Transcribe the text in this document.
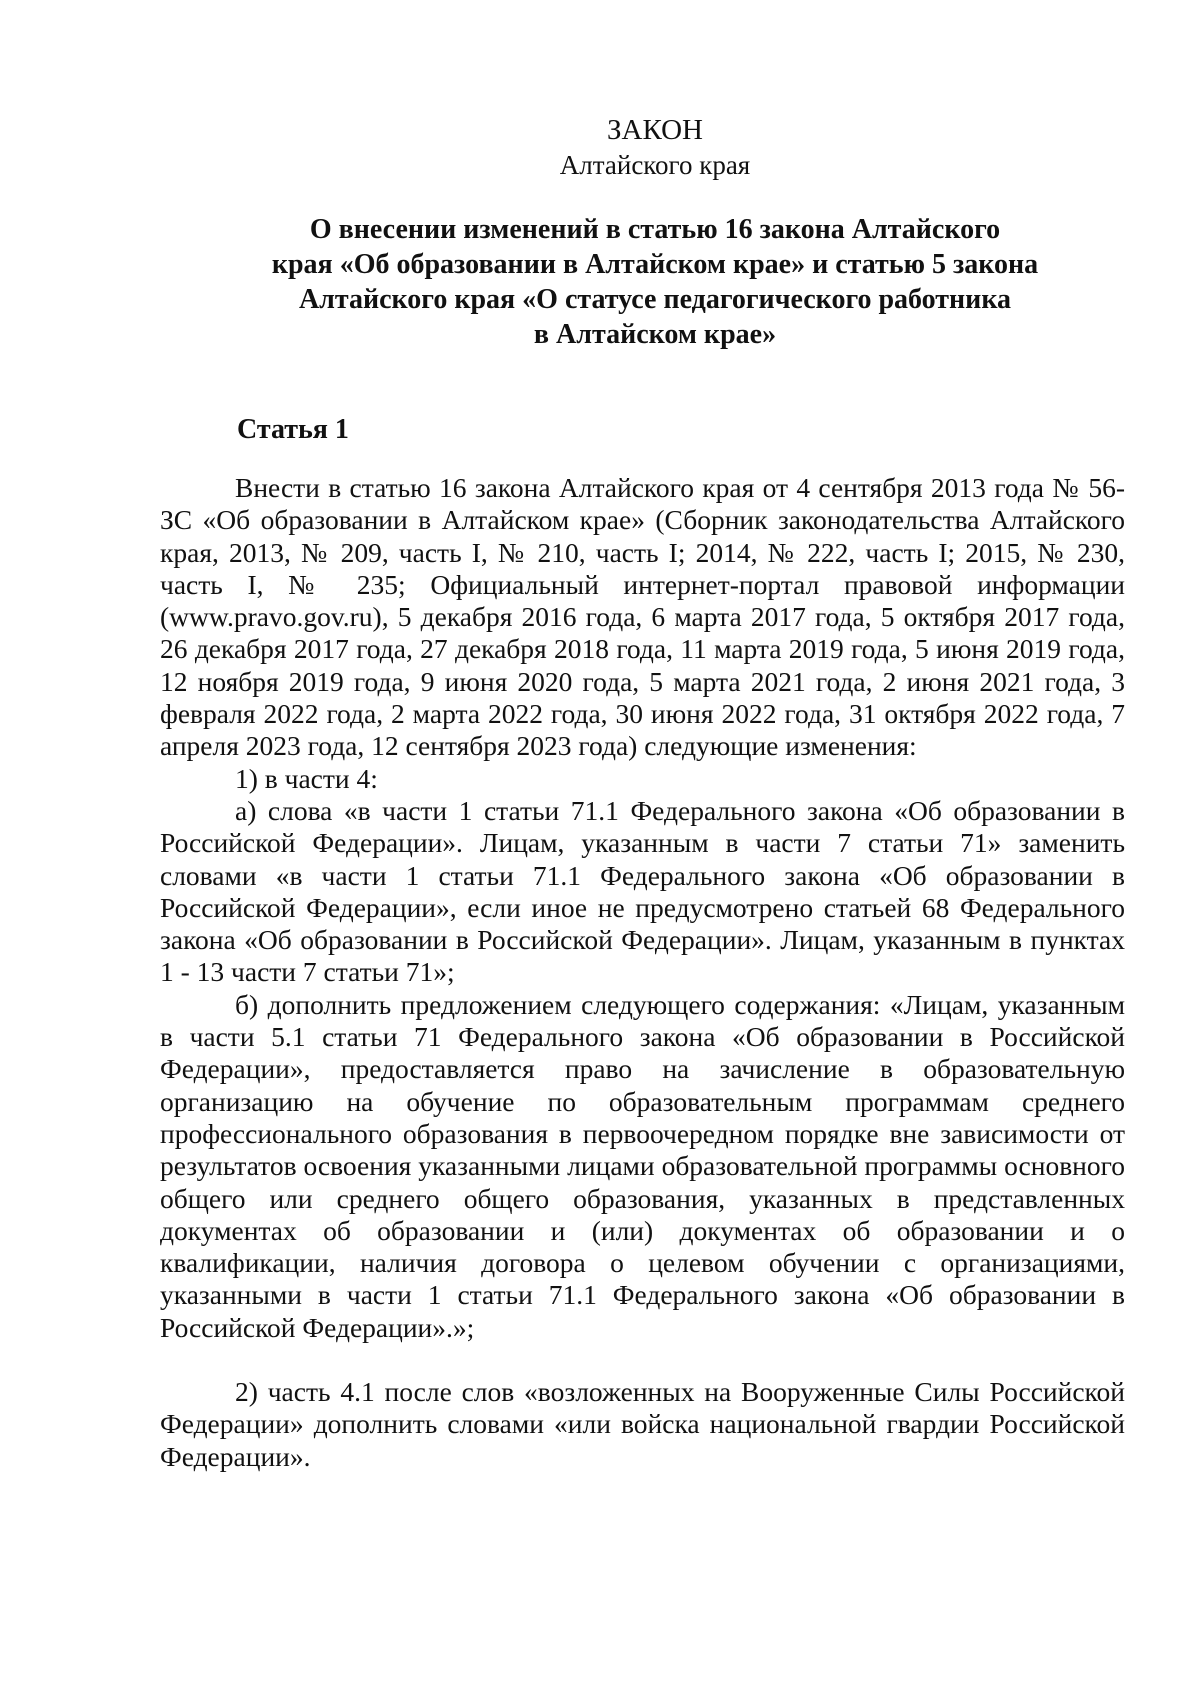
ЗАКОН
Алтайского края
О внесении изменений в статью 16 закона Алтайского
края «Об образовании в Алтайском крае» и статью 5 закона
Алтайского края «О статусе педагогического работника
в Алтайском крае»
Статья 1

Внести в статью 16 закона Алтайского края от 4 сентября 2013 года № 56-ЗС «Об образовании в Алтайском крае» (Сборник законодательства Алтайского края, 2013, № 209, часть I, № 210, часть I; 2014, № 222, часть I; 2015, № 230, часть I, № 235; Официальный интернет-портал правовой информации (www.pravo.gov.ru), 5 декабря 2016 года, 6 марта 2017 года, 5 октября 2017 года, 26 декабря 2017 года, 27 декабря 2018 года, 11 марта 2019 года, 5 июня 2019 года, 12 ноября 2019 года, 9 июня 2020 года, 5 марта 2021 года, 2 июня 2021 года, 3 февраля 2022 года, 2 марта 2022 года, 30 июня 2022 года, 31 октября 2022 года, 7 апреля 2023 года, 12 сентября 2023 года) следующие изменения:

1) в части 4:

а) слова «в части 1 статьи 71.1 Федерального закона «Об образовании в Российской Федерации». Лицам, указанным в части 7 статьи 71» заменить словами «в части 1 статьи 71.1 Федерального закона «Об образовании в Российской Федерации», если иное не предусмотрено статьей 68 Федерального закона «Об образовании в Российской Федерации». Лицам, указанным в пунктах 1 - 13 части 7 статьи 71»;

б) дополнить предложением следующего содержания: «Лицам, указанным в части 5.1 статьи 71 Федерального закона «Об образовании в Российской Федерации», предоставляется право на зачисление в образовательную организацию на обучение по образовательным программам среднего профессионального образования в первоочередном порядке вне зависимости от результатов освоения указанными лицами образовательной программы основного общего или среднего общего образования, указанных в представленных документах об образовании и (или) документах об образовании и о квалификации, наличия договора о целевом обучении с организациями, указанными в части 1 статьи 71.1 Федерального закона «Об образовании в Российской Федерации».»;

2) часть 4.1 после слов «возложенных на Вооруженные Силы Российской Федерации» дополнить словами «или войска национальной гвардии Российской Федерации».
